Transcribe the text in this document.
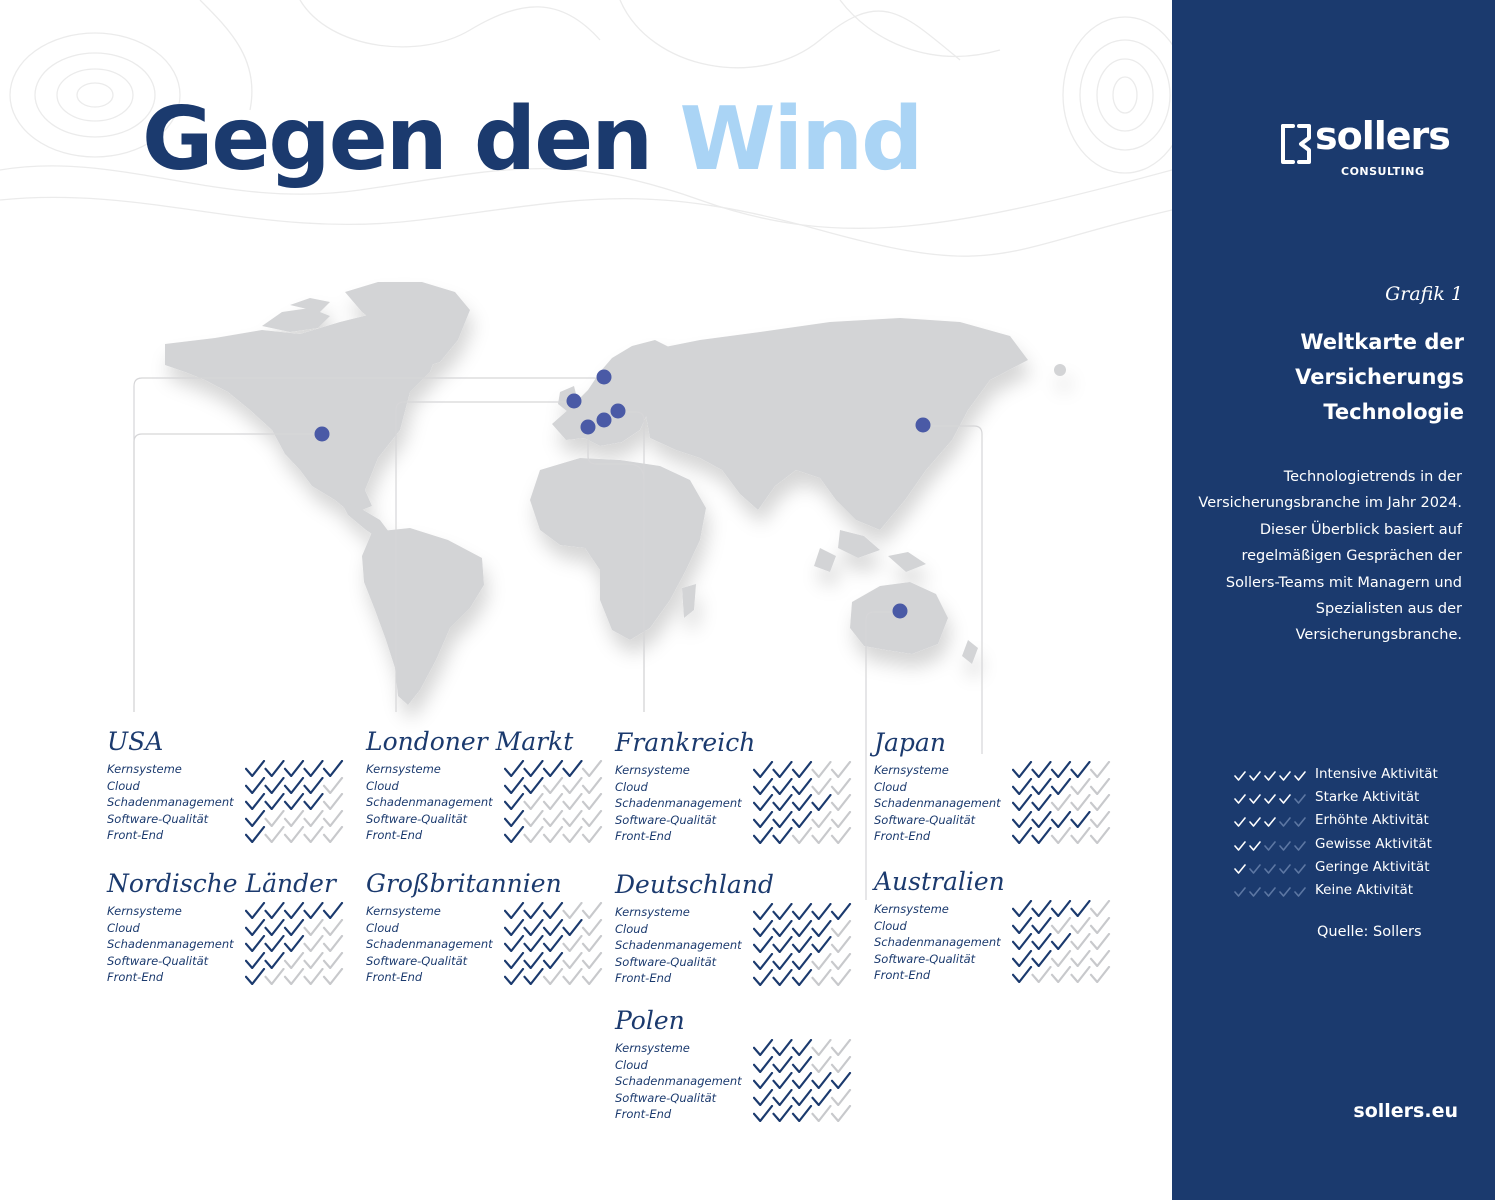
Gegen den Wind
USA
Kernsysteme
Cloud
Schadenmanagement
Software-Qualität
Front-End
Londoner Markt
Kernsysteme
Cloud
Schadenmanagement
Software-Qualität
Front-End
Frankreich
Kernsysteme
Cloud
Schadenmanagement
Software-Qualität
Front-End
Japan
Kernsysteme
Cloud
Schadenmanagement
Software-Qualität
Front-End
Nordische Länder
Kernsysteme
Cloud
Schadenmanagement
Software-Qualität
Front-End
Großbritannien
Kernsysteme
Cloud
Schadenmanagement
Software-Qualität
Front-End
Deutschland
Kernsysteme
Cloud
Schadenmanagement
Software-Qualität
Front-End
Australien
Kernsysteme
Cloud
Schadenmanagement
Software-Qualität
Front-End
Polen
Kernsysteme
Cloud
Schadenmanagement
Software-Qualität
Front-End
sollers
CONSULTING
Grafik 1
Weltkarte der Versicherungs Technologie
Technologietrends in der Versicherungsbranche im Jahr 2024. Dieser Überblick basiert auf regelmäßigen Gesprächen der Sollers-Teams mit Managern und Spezialisten aus der Versicherungsbranche.
Intensive Aktivität
Starke Aktivität
Erhöhte Aktivität
Gewisse Aktivität
Geringe Aktivität
Keine Aktivität
Quelle: Sollers
sollers.eu
